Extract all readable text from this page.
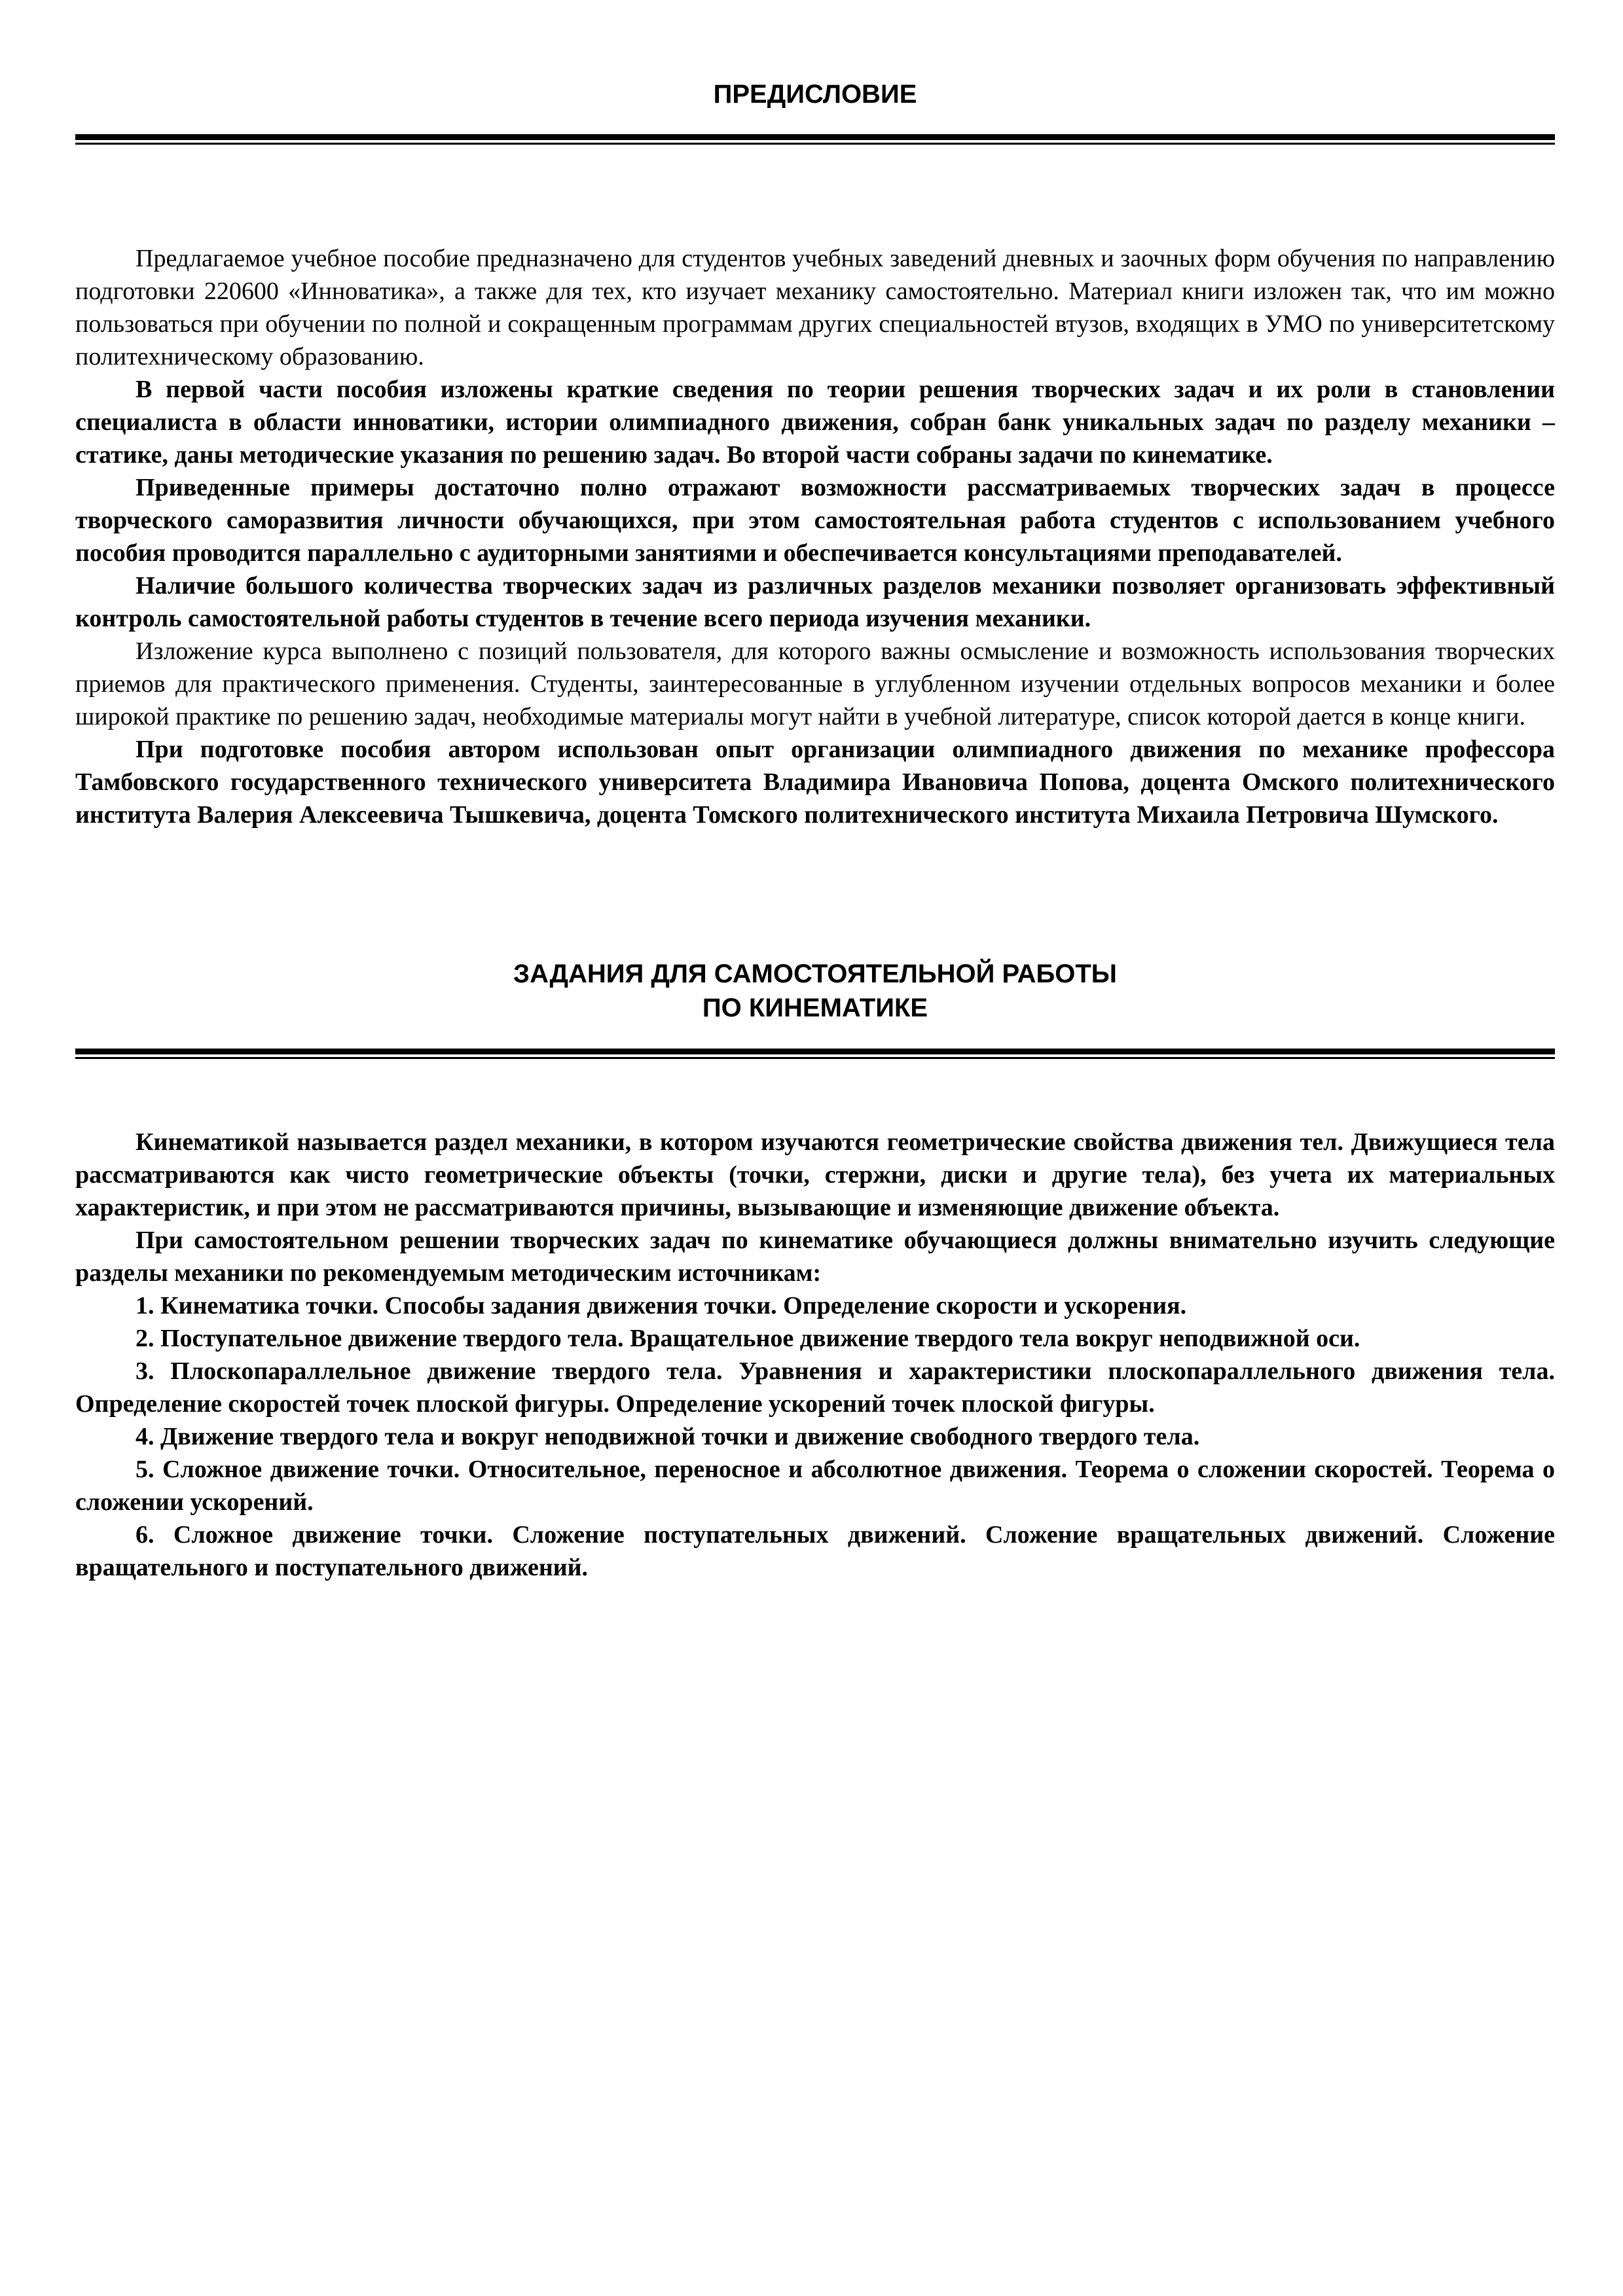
ПРЕДИСЛОВИЕ

Предлагаемое учебное пособие предназначено для студентов учебных заведений дневных и заочных форм обучения по направлению подготовки 220600 «Инноватика», а также для тех, кто изучает механику самостоятельно. Материал книги изложен так, что им можно пользоваться при обучении по полной и сокращенным программам других специальностей втузов, входящих в УМО по университетскому политехническому образованию.

В первой части пособия изложены краткие сведения по теории решения творческих задач и их роли в становлении специалиста в области инноватики, истории олимпиадного движения, собран банк уникальных задач по разделу механики – статике, даны методические указания по решению задач. Во второй части собраны задачи по кинематике.

Приведенные примеры достаточно полно отражают возможности рассматриваемых творческих задач в процессе творческого саморазвития личности обучающихся, при этом самостоятельная работа студентов с использованием учебного пособия проводится параллельно с аудиторными занятиями и обеспечивается консультациями преподавателей.

Наличие большого количества творческих задач из различных разделов механики позволяет организовать эффективный контроль самостоятельной работы студентов в течение всего периода изучения механики.

Изложение курса выполнено с позиций пользователя, для которого важны осмысление и возможность использования творческих приемов для практического применения. Студенты, заинтересованные в углубленном изучении отдельных вопросов механики и более широкой практике по решению задач, необходимые материалы могут найти в учебной литературе, список которой дается в конце книги.

При подготовке пособия автором использован опыт организации олимпиадного движения по механике профессора Тамбовского государственного технического университета Владимира Ивановича Попова, доцента Омского политехнического института Валерия Алексеевича Тышкевича, доцента Томского политехнического института Михаила Петровича Шумского.

ЗАДАНИЯ ДЛЯ САМОСТОЯТЕЛЬНОЙ РАБОТЫ
ПО КИНЕМАТИКЕ

Кинематикой называется раздел механики, в котором изучаются геометрические свойства движения тел. Движущиеся тела рассматриваются как чисто геометрические объекты (точки, стержни, диски и другие тела), без учета их материальных характеристик, и при этом не рассматриваются причины, вызывающие и изменяющие движение объекта.

При самостоятельном решении творческих задач по кинематике обучающиеся должны внимательно изучить следующие разделы механики по рекомендуемым методическим источникам:

1. Кинематика точки. Способы задания движения точки. Определение скорости и ускорения.

2. Поступательное движение твердого тела. Вращательное движение твердого тела вокруг неподвижной оси.

3. Плоскопараллельное движение твердого тела. Уравнения и характеристики плоскопараллельного движения тела. Определение скоростей точек плоской фигуры. Определение ускорений точек плоской фигуры.

4. Движение твердого тела и вокруг неподвижной точки и движение свободного твердого тела.

5. Сложное движение точки. Относительное, переносное и абсолютное движения. Теорема о сложении скоростей. Теорема о сложении ускорений.

6. Сложное движение точки. Сложение поступательных движений. Сложение вращательных движений. Сложение вращательного и поступательного движений.
